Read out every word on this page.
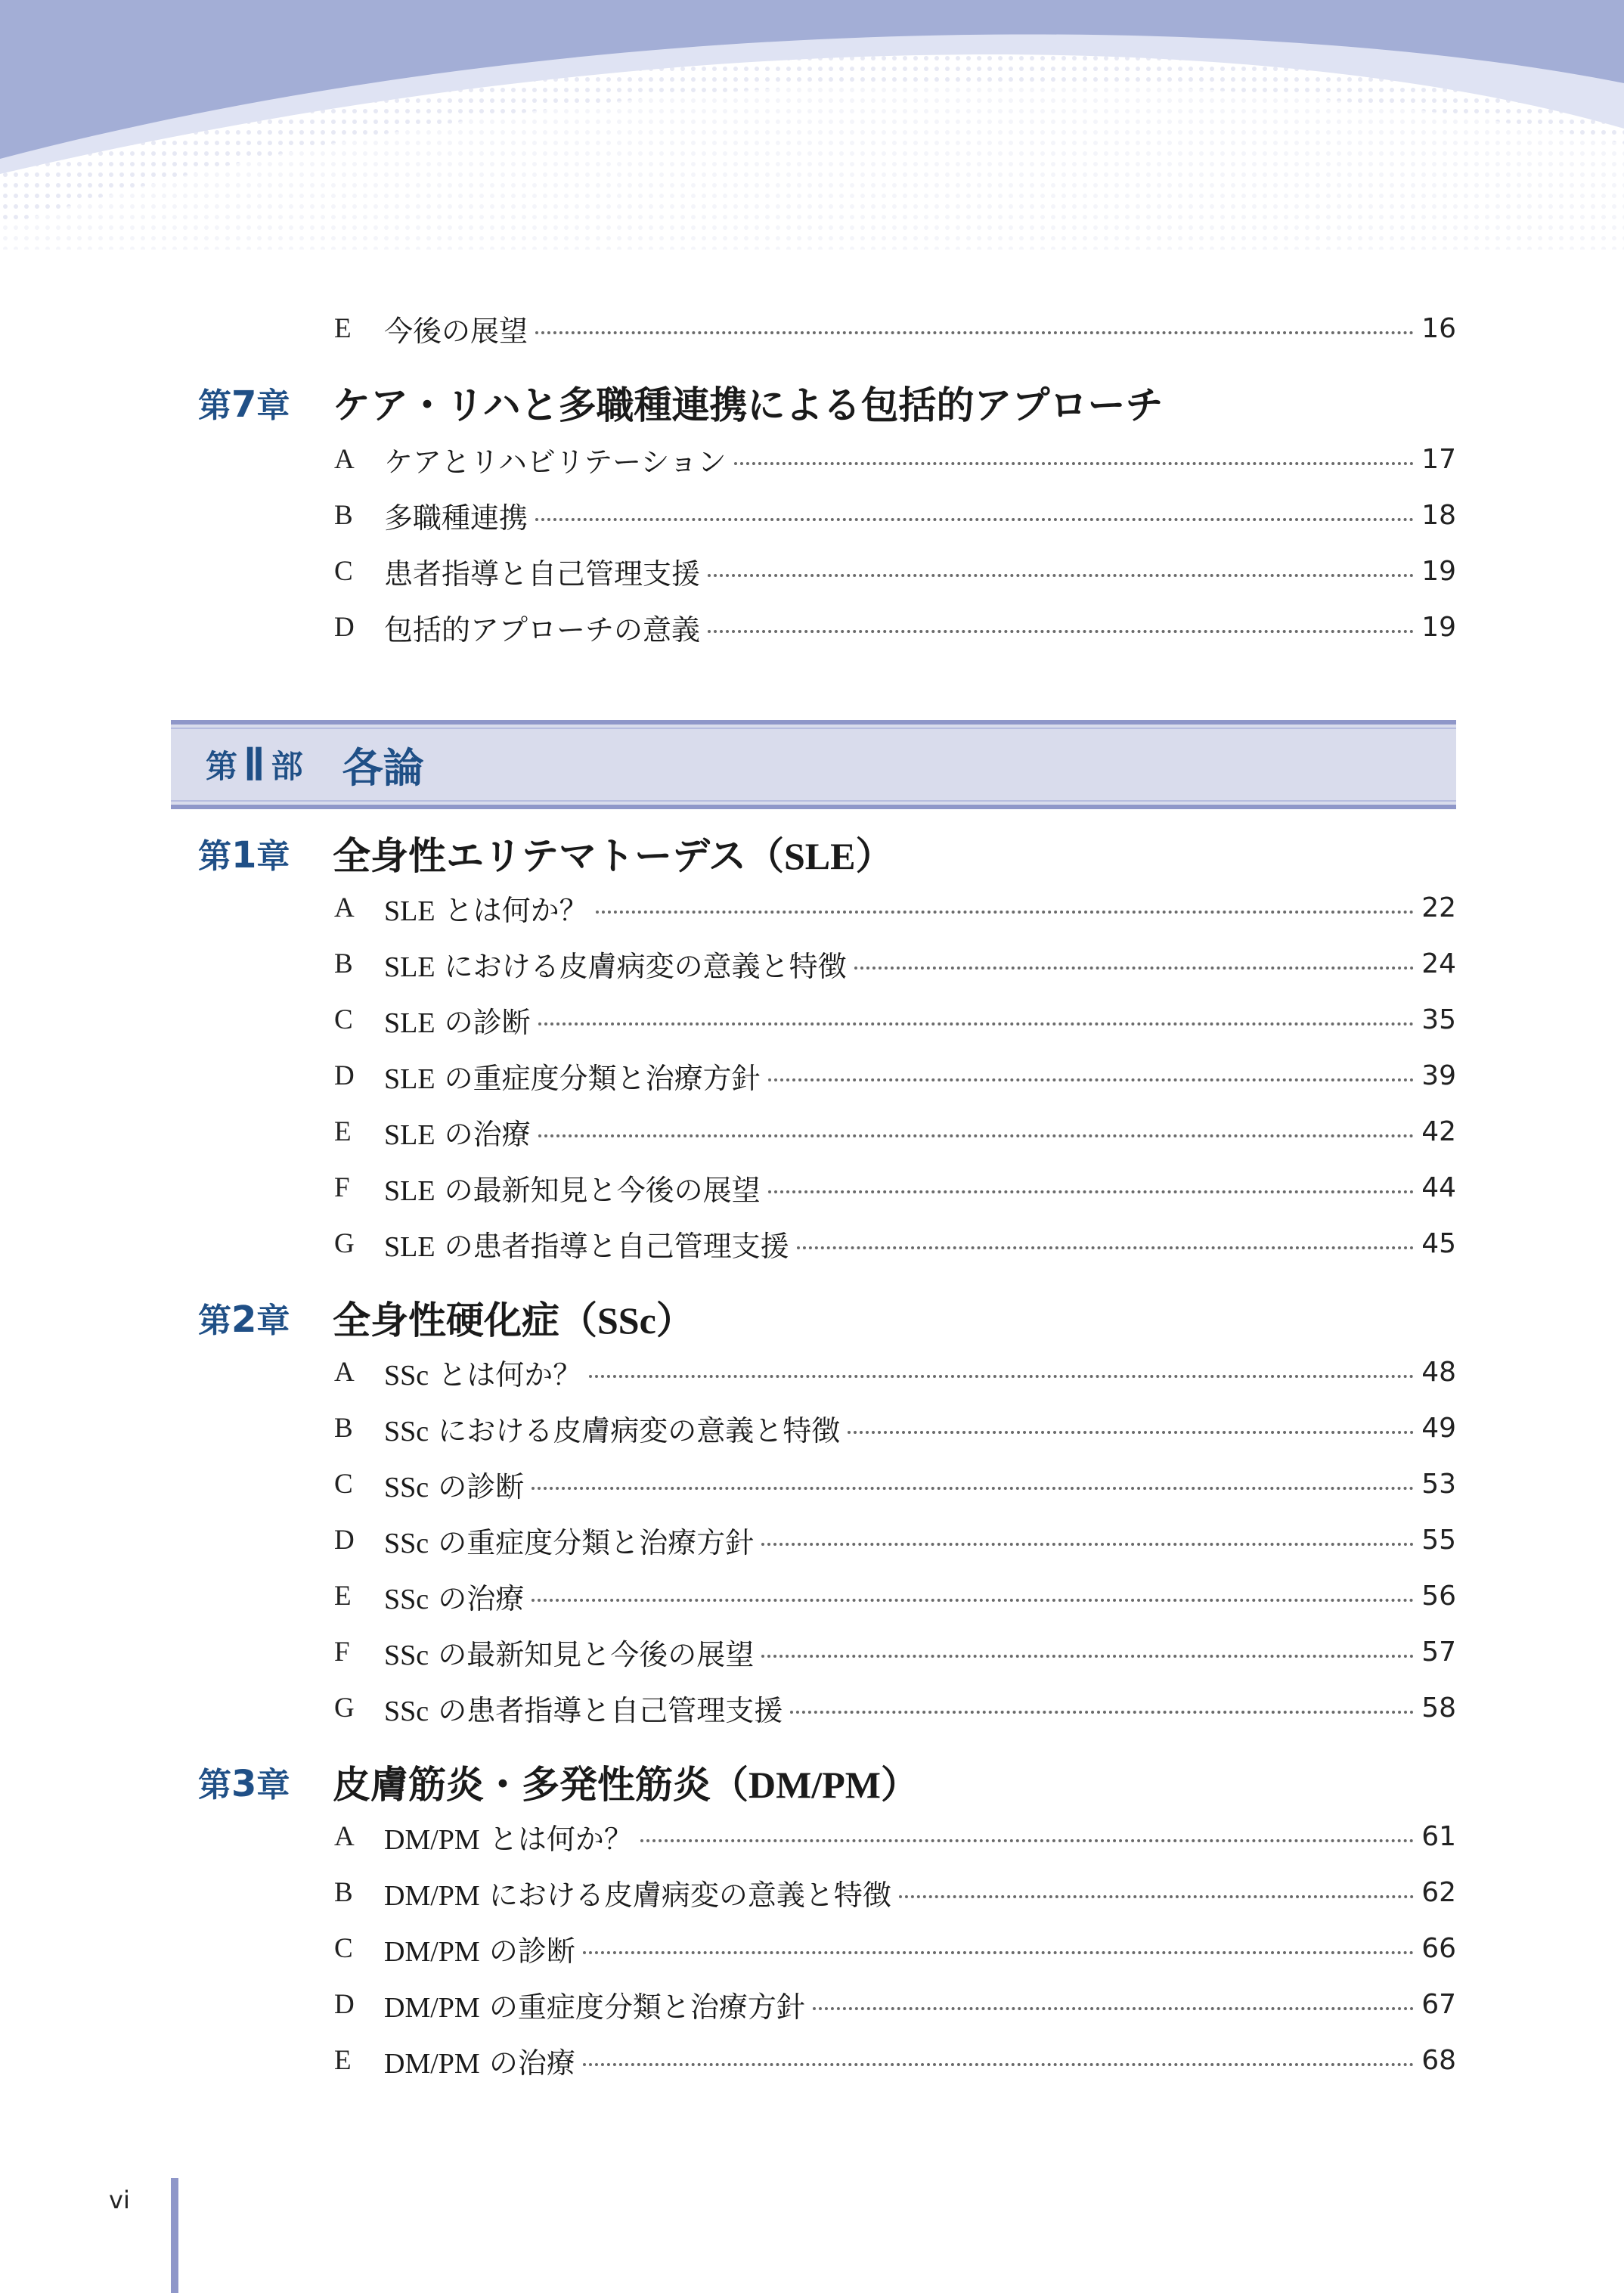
E	今後の展望	16
第7章	ケア・リハと多職種連携による包括的アプローチ
A	ケアとリハビリテーション	17
B	多職種連携	18
C	患者指導と自己管理支援	19
D	包括的アプローチの意義	19
第 Ⅱ 部 各論
第1章	全身性エリテマトーデス（SLE）
A	SLE とは何か？	22
B	SLE における皮膚病変の意義と特徴	24
C	SLE の診断	35
D	SLE の重症度分類と治療方針	39
E	SLE の治療	42
F	SLE の最新知見と今後の展望	44
G	SLE の患者指導と自己管理支援	45
第2章	全身性硬化症（SSc）
A	SSc とは何か？	48
B	SSc における皮膚病変の意義と特徴	49
C	SSc の診断	53
D	SSc の重症度分類と治療方針	55
E	SSc の治療	56
F	SSc の最新知見と今後の展望	57
G	SSc の患者指導と自己管理支援	58
第3章	皮膚筋炎・多発性筋炎（DM/PM）
A	DM/PM とは何か？	61
B	DM/PM における皮膚病変の意義と特徴	62
C	DM/PM の診断	66
D	DM/PM の重症度分類と治療方針	67
E	DM/PM の治療	68
vi
